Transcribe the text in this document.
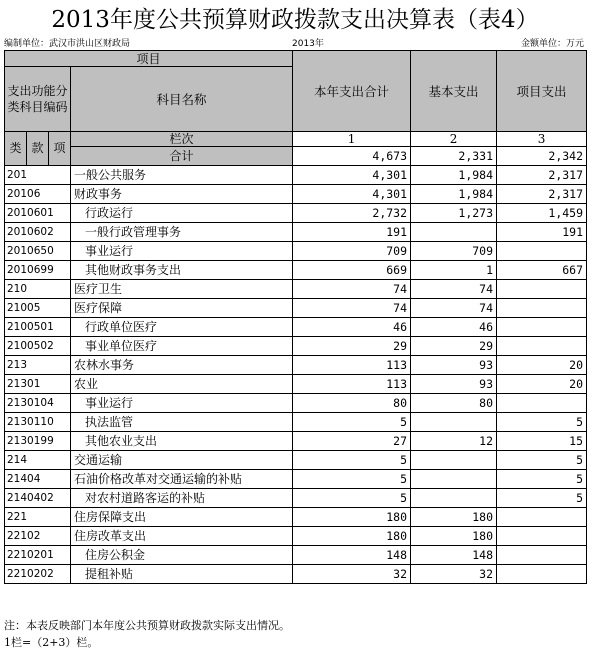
2013年度公共预算财政拨款支出决算表（表4）
编制单位：武汉市洪山区财政局	2013年	金额单位：万元
项目				本年支出合计	基本支出	项目支出
支出功能分类科目编码			科目名称			

类	款	项	栏次	1	2	3
			合计	4,673	2,331	2,342
201			一般公共服务	4,301	1,984	2,317
20106			财政事务	4,301	1,984	2,317
2010601			行政运行	2,732	1,273	1,459
2010602			一般行政管理事务	191		191
2010650			事业运行	709	709	
2010699			其他财政事务支出	669	1	667
210			医疗卫生	74	74	
21005			医疗保障	74	74	
2100501			行政单位医疗	46	46	
2100502			事业单位医疗	29	29	
213			农林水事务	113	93	20
21301			农业	113	93	20
2130104			事业运行	80	80	
2130110			执法监管	5		5
2130199			其他农业支出	27	12	15
214			交通运输	5		5
21404			石油价格改革对交通运输的补贴	5		5
2140402			对农村道路客运的补贴	5		5
221			住房保障支出	180	180	
22102			住房改革支出	180	180	
2210201			住房公积金	148	148	
2210202			提租补贴	32	32	
注：本表反映部门本年度公共预算财政拨款实际支出情况。
1栏=（2+3）栏。
